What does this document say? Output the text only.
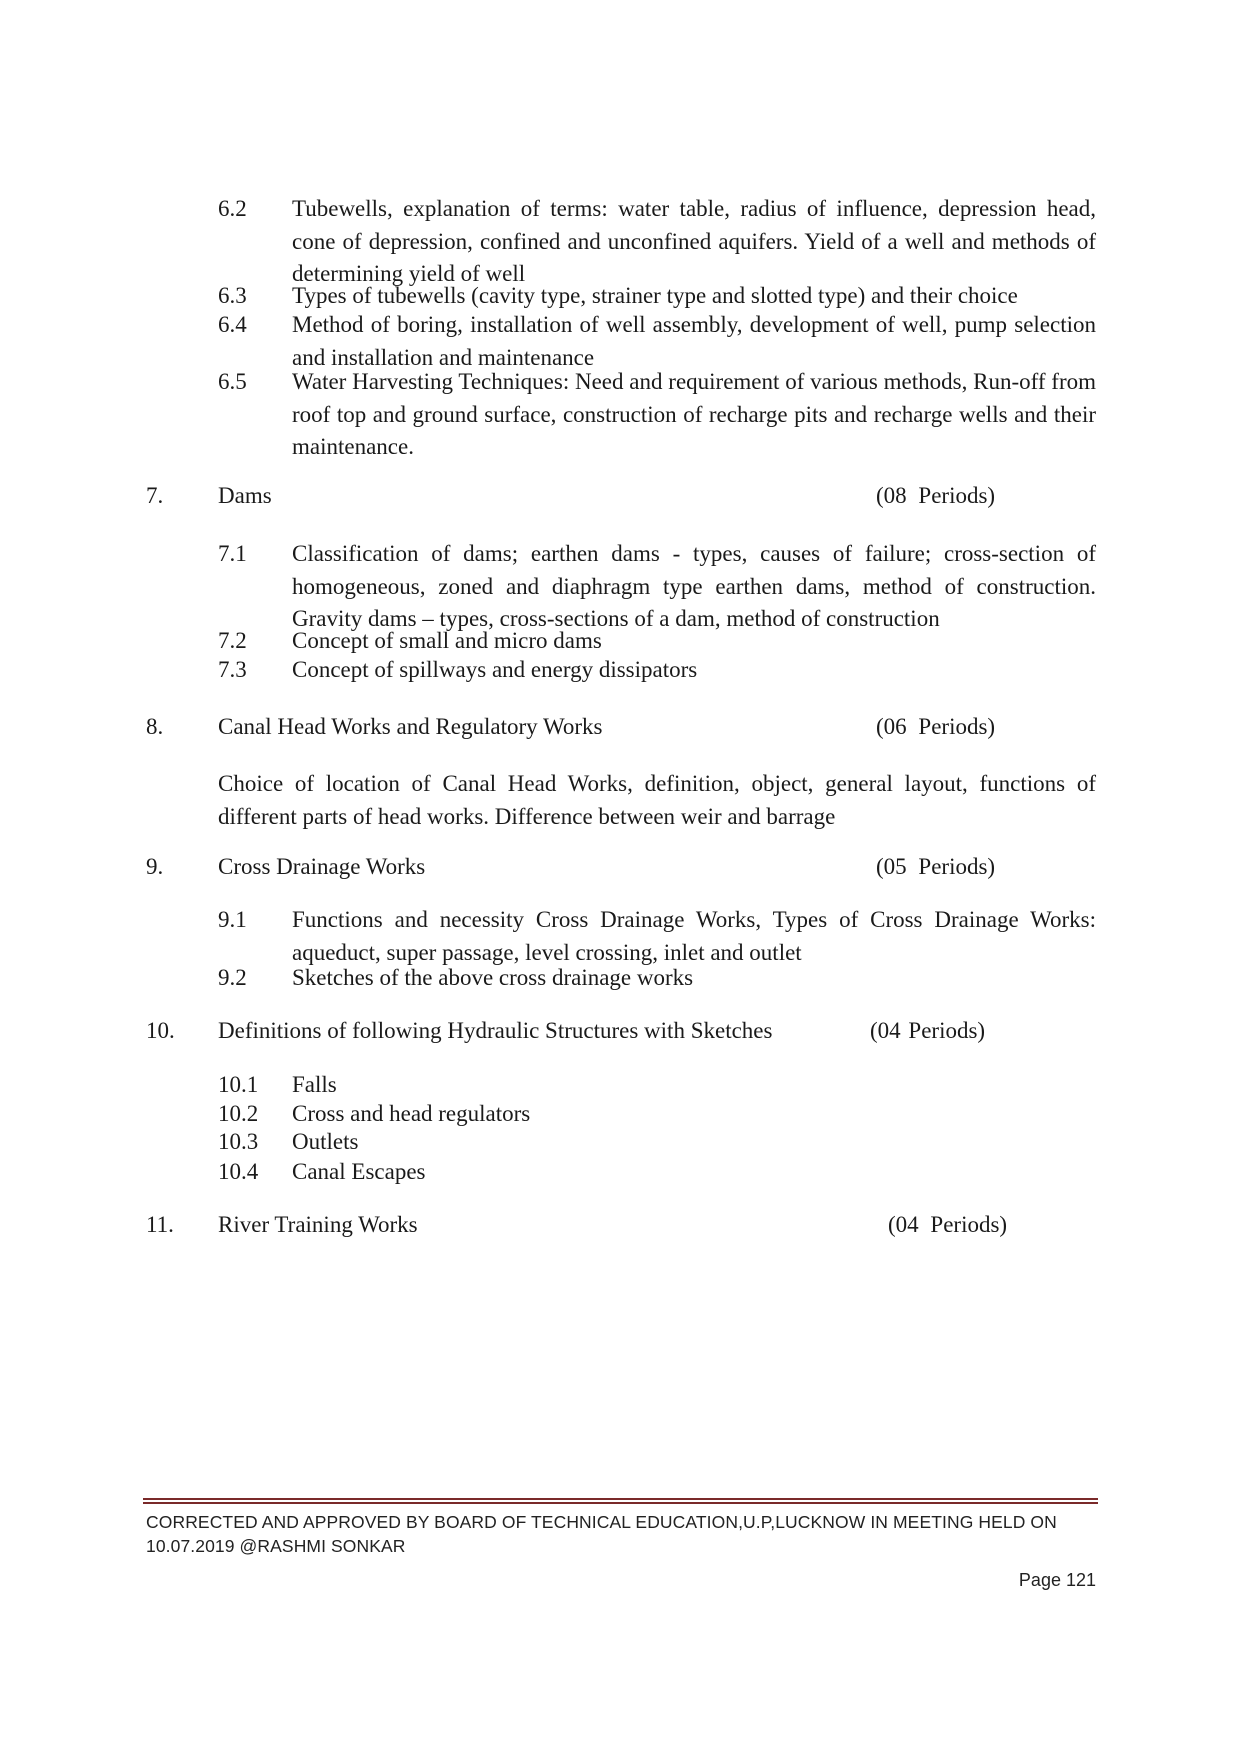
6.2 Tubewells, explanation of terms: water table, radius of influence, depression head, cone of depression, confined and unconfined aquifers. Yield of a well and methods of determining yield of well
6.3 Types of tubewells (cavity type, strainer type and slotted type) and their choice
6.4 Method of boring, installation of well assembly, development of well, pump selection and installation and maintenance
6.5 Water Harvesting Techniques: Need and requirement of various methods, Run-off from roof top and ground surface, construction of recharge pits and recharge wells and their maintenance.
7. Dams	(08 Periods)
7.1 Classification of dams; earthen dams - types, causes of failure; cross-section of homogeneous, zoned and diaphragm type earthen dams, method of construction. Gravity dams – types, cross-sections of a dam, method of construction
7.2 Concept of small and micro dams
7.3 Concept of spillways and energy dissipators
8. Canal Head Works and Regulatory Works	(06 Periods)
Choice of location of Canal Head Works, definition, object, general layout, functions of different parts of head works. Difference between weir and barrage
9. Cross Drainage Works	(05 Periods)
9.1 Functions and necessity Cross Drainage Works, Types of Cross Drainage Works: aqueduct, super passage, level crossing, inlet and outlet
9.2 Sketches of the above cross drainage works
10. Definitions of following Hydraulic Structures with Sketches	(04 Periods)
10.1 Falls
10.2 Cross and head regulators
10.3 Outlets
10.4 Canal Escapes
11. River Training Works	(04 Periods)
CORRECTED AND APPROVED BY BOARD OF TECHNICAL EDUCATION,U.P,LUCKNOW IN MEETING HELD ON 10.07.2019 @RASHMI SONKAR
Page 121
